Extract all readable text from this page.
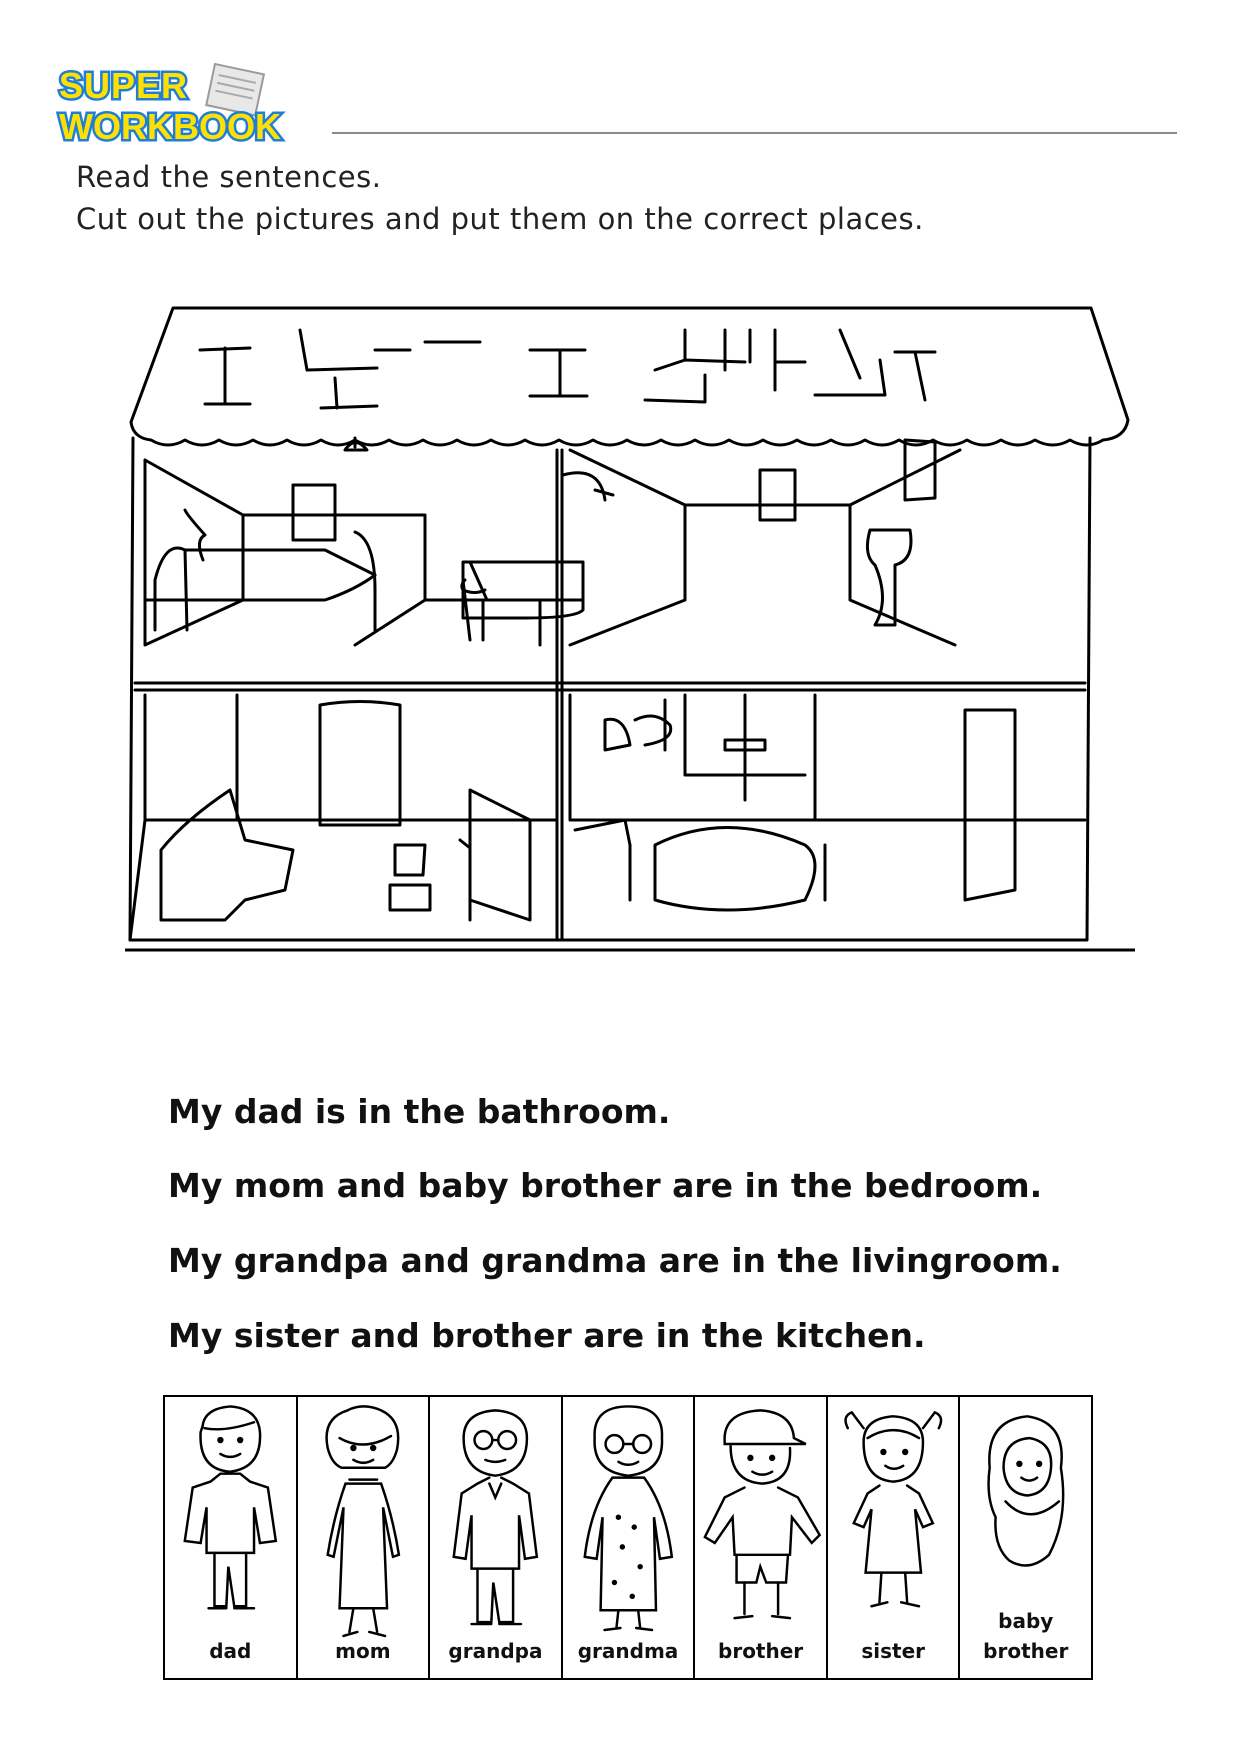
SUPER
WORKBOOK
Read the sentences.
Cut out the pictures and put them on the correct places.
My dad is in the bathroom.
My mom and baby brother are in the bedroom.
My grandpa and grandma are in the livingroom.
My sister and brother are in the kitchen.
dad	mom	grandpa	grandma	brother	sister
baby
brother
